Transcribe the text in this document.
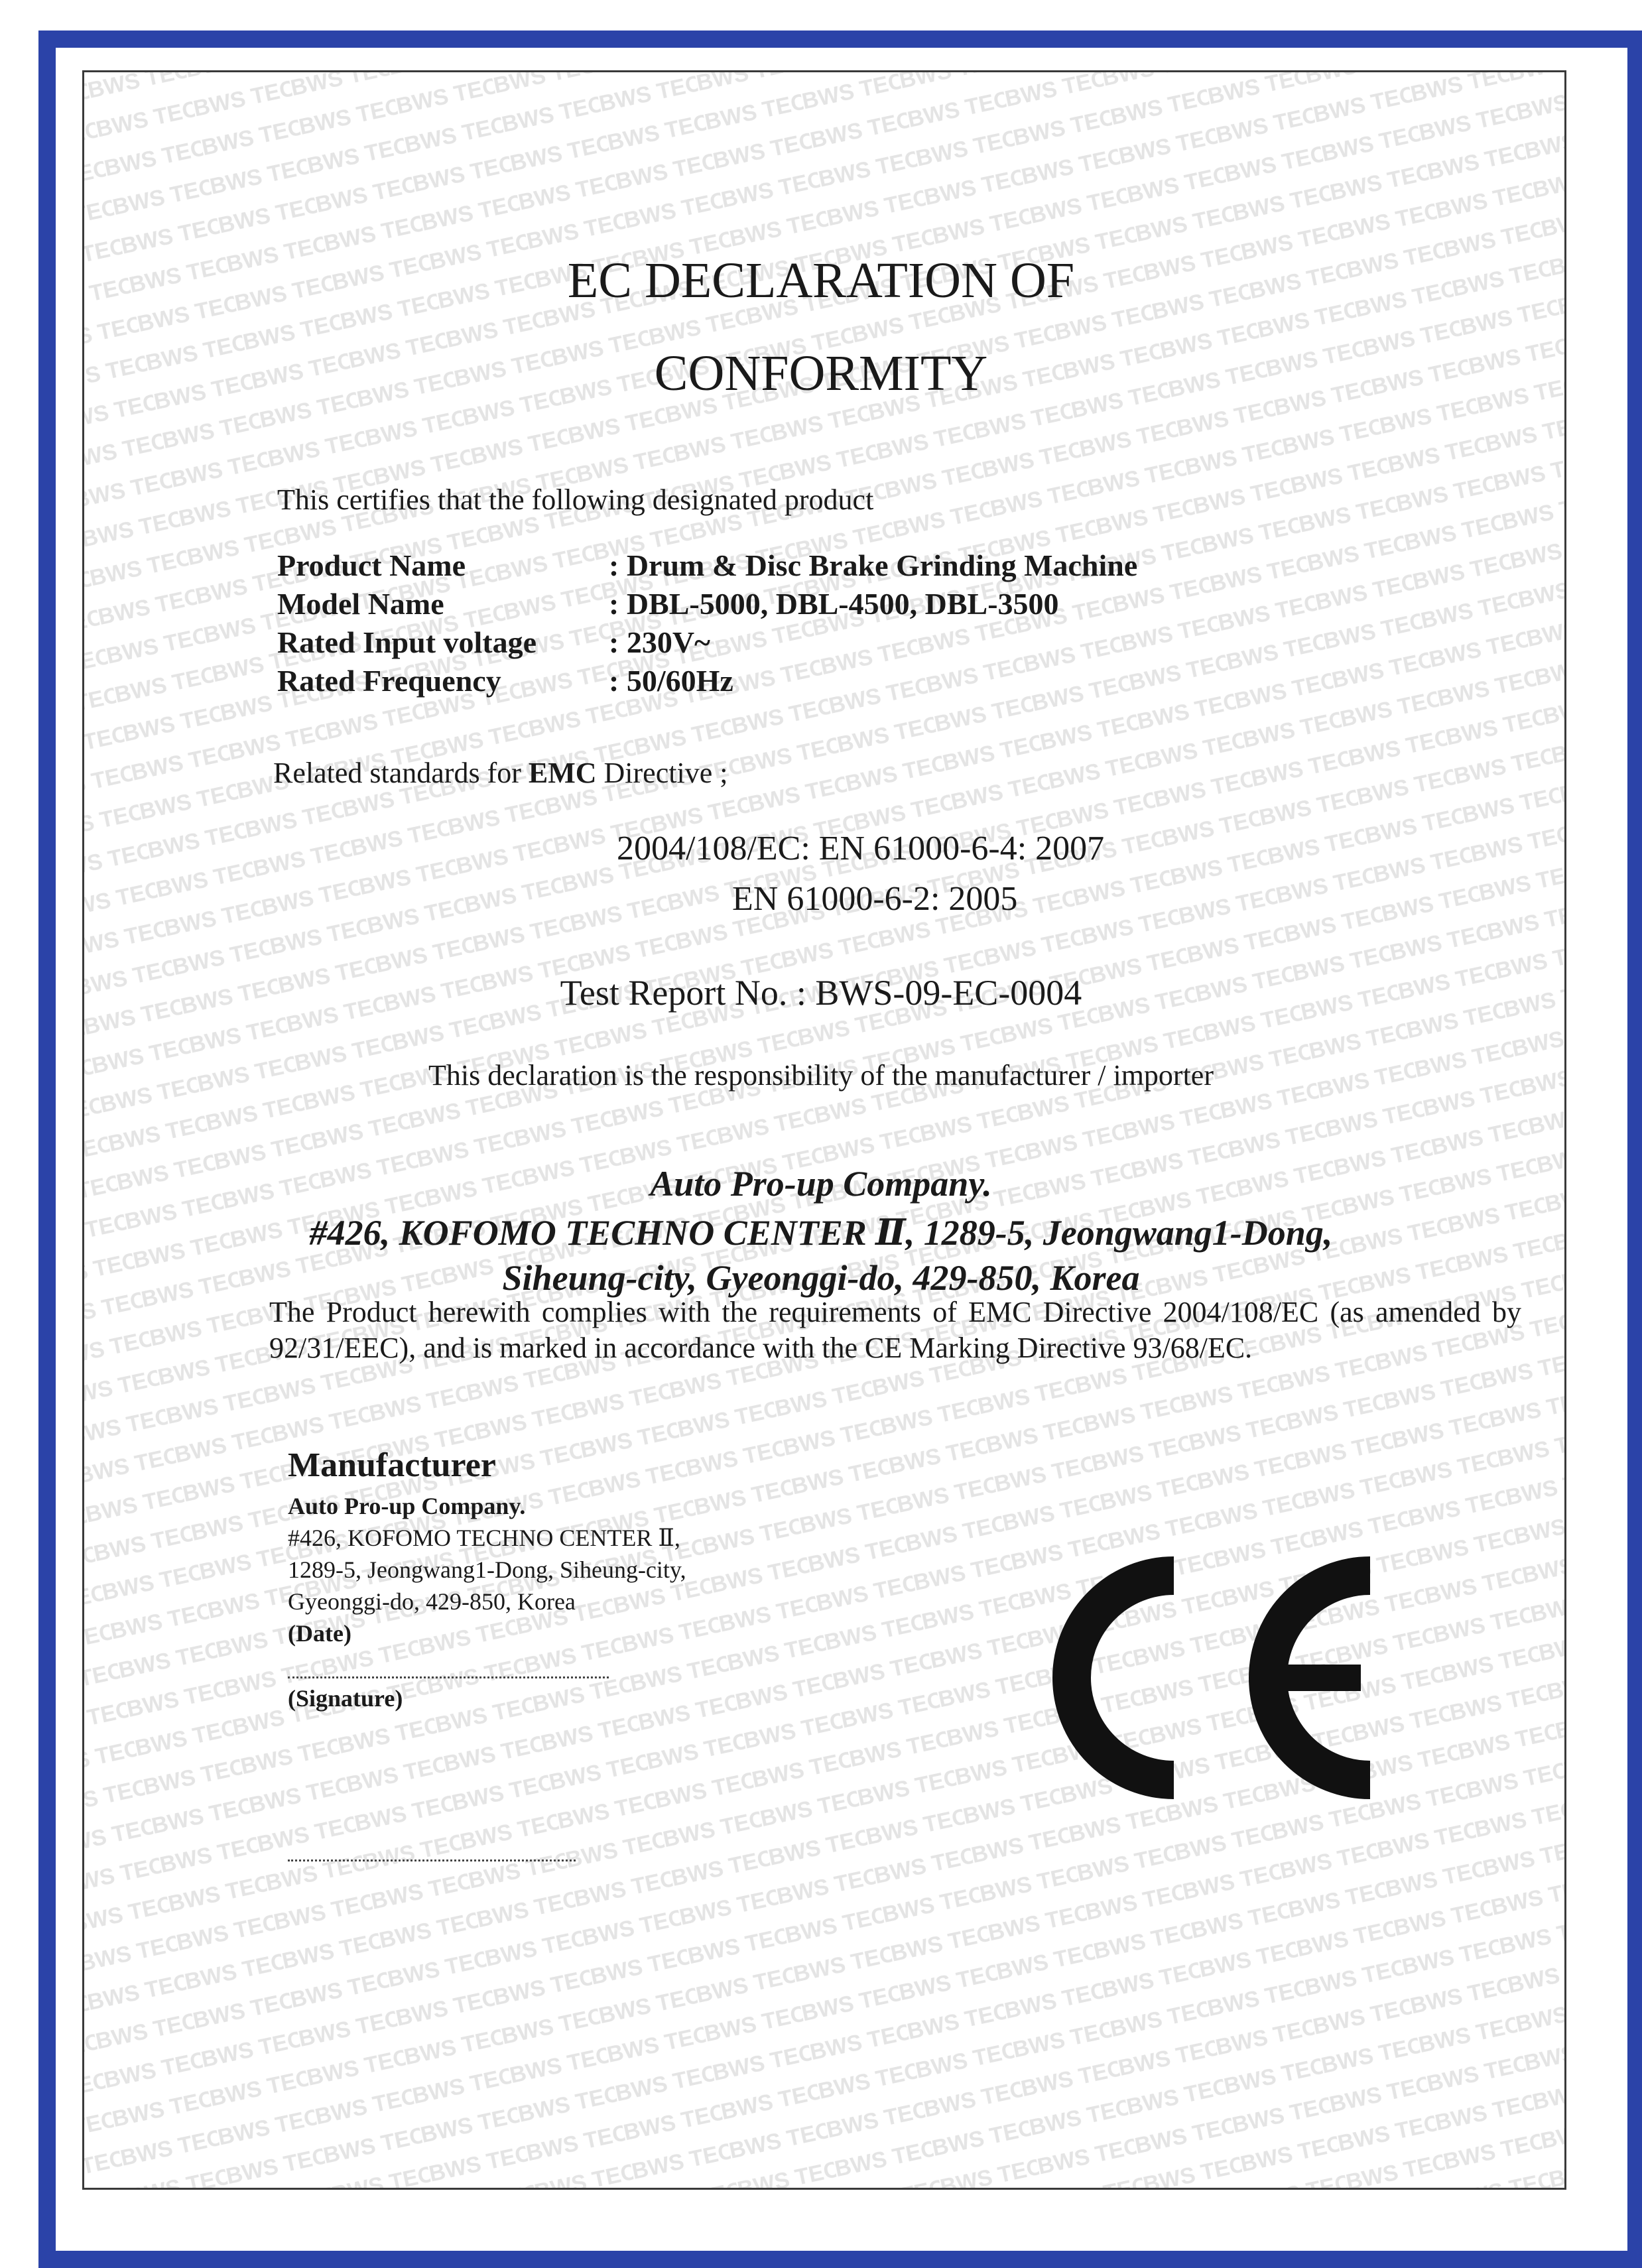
EC DECLARATION OF
CONFORMITY
This certifies that the following designated product
Product Name	: Drum & Disc Brake Grinding Machine
Model Name	: DBL-5000, DBL-4500, DBL-3500
Rated Input voltage : 230V~
Rated Frequency	: 50/60Hz
Related standards for EMC Directive ;
2004/108/EC: EN 61000-6-4: 2007
EN 61000-6-2: 2005
Test Report No. : BWS-09-EC-0004
This declaration is the responsibility of the manufacturer / importer
Auto Pro-up Company.
#426, KOFOMO TECHNO CENTER Ⅱ, 1289-5, Jeongwang1-Dong,
Siheung-city, Gyeonggi-do, 429-850, Korea
The Product herewith complies with the requirements of EMC Directive 2004/108/EC (as amended by 92/31/EEC), and is marked in accordance with the CE Marking Directive 93/68/EC.
Manufacturer
Auto Pro-up Company.
#426, KOFOMO TECHNO CENTER Ⅱ,
1289-5, Jeongwang1-Dong, Siheung-city,
Gyeonggi-do, 429-850, Korea
(Date)
(Signature)
